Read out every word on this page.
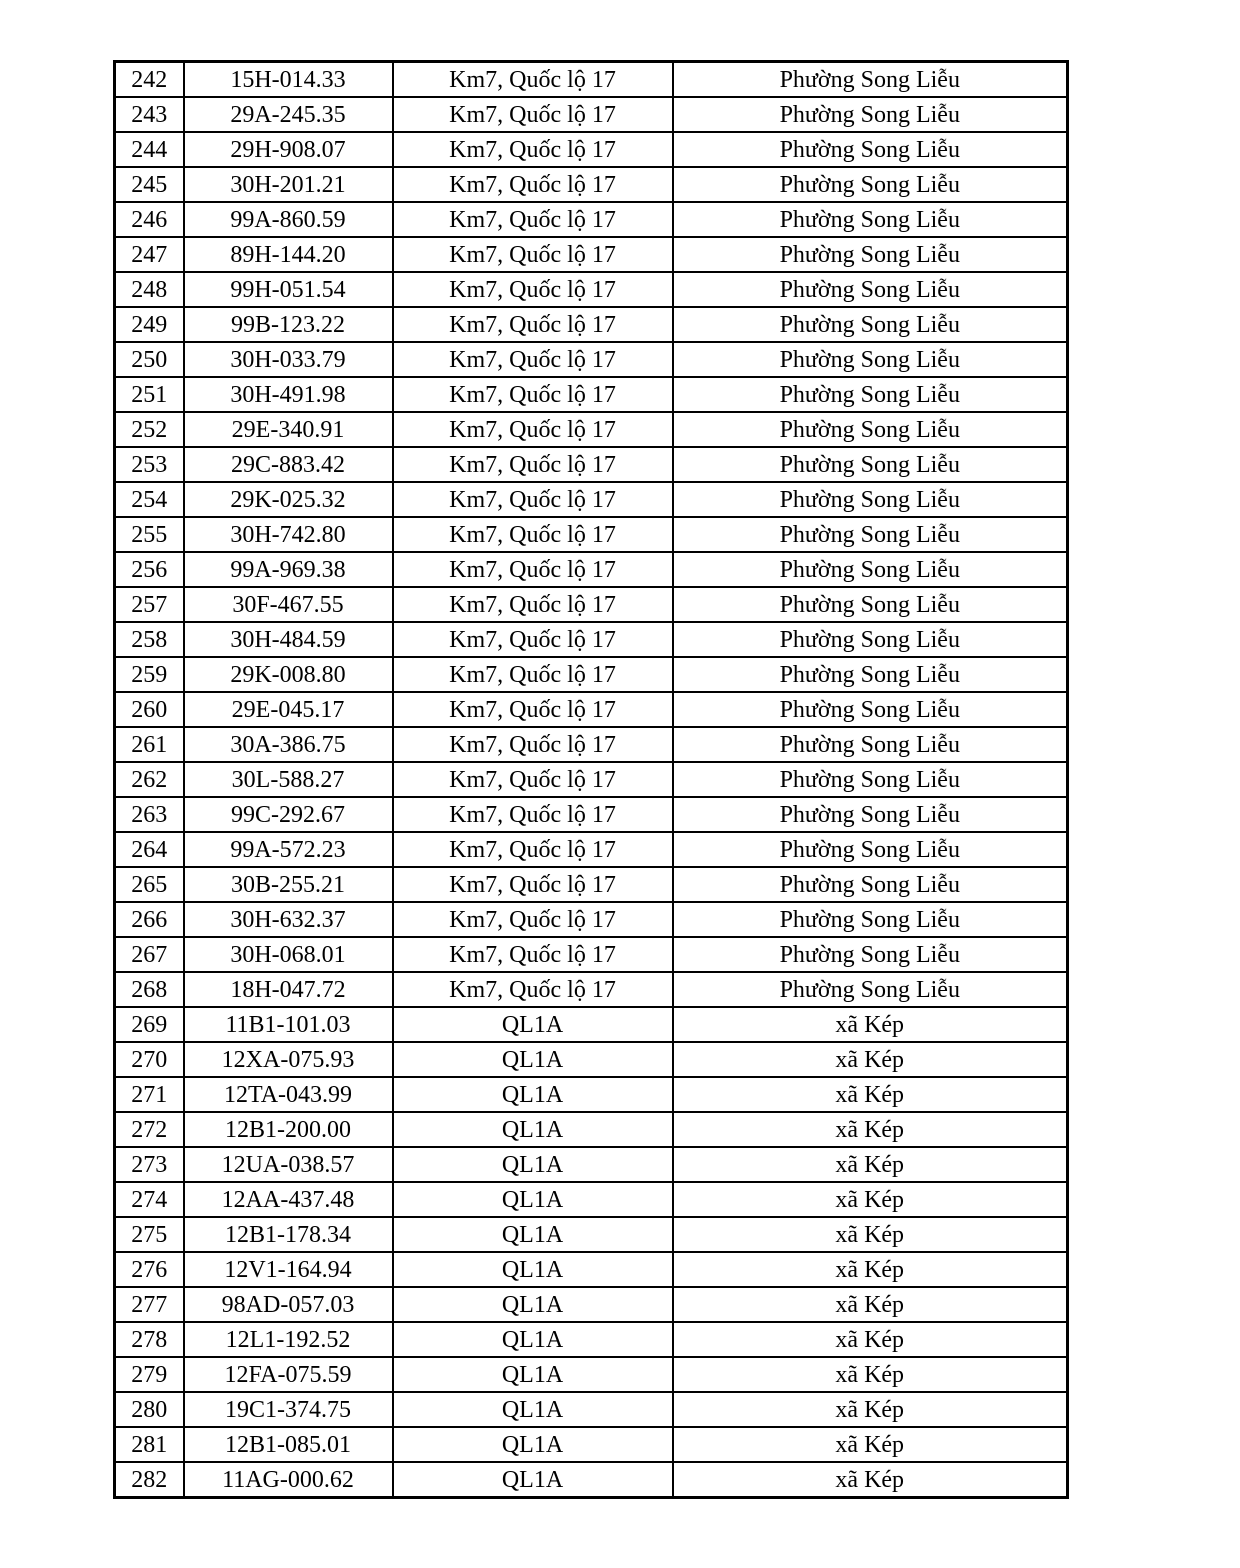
242	15H-014.33	Km7, Quốc lộ 17	Phường Song Liễu
243	29A-245.35	Km7, Quốc lộ 17	Phường Song Liễu
244	29H-908.07	Km7, Quốc lộ 17	Phường Song Liễu
245	30H-201.21	Km7, Quốc lộ 17	Phường Song Liễu
246	99A-860.59	Km7, Quốc lộ 17	Phường Song Liễu
247	89H-144.20	Km7, Quốc lộ 17	Phường Song Liễu
248	99H-051.54	Km7, Quốc lộ 17	Phường Song Liễu
249	99B-123.22	Km7, Quốc lộ 17	Phường Song Liễu
250	30H-033.79	Km7, Quốc lộ 17	Phường Song Liễu
251	30H-491.98	Km7, Quốc lộ 17	Phường Song Liễu
252	29E-340.91	Km7, Quốc lộ 17	Phường Song Liễu
253	29C-883.42	Km7, Quốc lộ 17	Phường Song Liễu
254	29K-025.32	Km7, Quốc lộ 17	Phường Song Liễu
255	30H-742.80	Km7, Quốc lộ 17	Phường Song Liễu
256	99A-969.38	Km7, Quốc lộ 17	Phường Song Liễu
257	30F-467.55	Km7, Quốc lộ 17	Phường Song Liễu
258	30H-484.59	Km7, Quốc lộ 17	Phường Song Liễu
259	29K-008.80	Km7, Quốc lộ 17	Phường Song Liễu
260	29E-045.17	Km7, Quốc lộ 17	Phường Song Liễu
261	30A-386.75	Km7, Quốc lộ 17	Phường Song Liễu
262	30L-588.27	Km7, Quốc lộ 17	Phường Song Liễu
263	99C-292.67	Km7, Quốc lộ 17	Phường Song Liễu
264	99A-572.23	Km7, Quốc lộ 17	Phường Song Liễu
265	30B-255.21	Km7, Quốc lộ 17	Phường Song Liễu
266	30H-632.37	Km7, Quốc lộ 17	Phường Song Liễu
267	30H-068.01	Km7, Quốc lộ 17	Phường Song Liễu
268	18H-047.72	Km7, Quốc lộ 17	Phường Song Liễu
269	11B1-101.03	QL1A	xã Kép
270	12XA-075.93	QL1A	xã Kép
271	12TA-043.99	QL1A	xã Kép
272	12B1-200.00	QL1A	xã Kép
273	12UA-038.57	QL1A	xã Kép
274	12AA-437.48	QL1A	xã Kép
275	12B1-178.34	QL1A	xã Kép
276	12V1-164.94	QL1A	xã Kép
277	98AD-057.03	QL1A	xã Kép
278	12L1-192.52	QL1A	xã Kép
279	12FA-075.59	QL1A	xã Kép
280	19C1-374.75	QL1A	xã Kép
281	12B1-085.01	QL1A	xã Kép
282	11AG-000.62	QL1A	xã Kép
